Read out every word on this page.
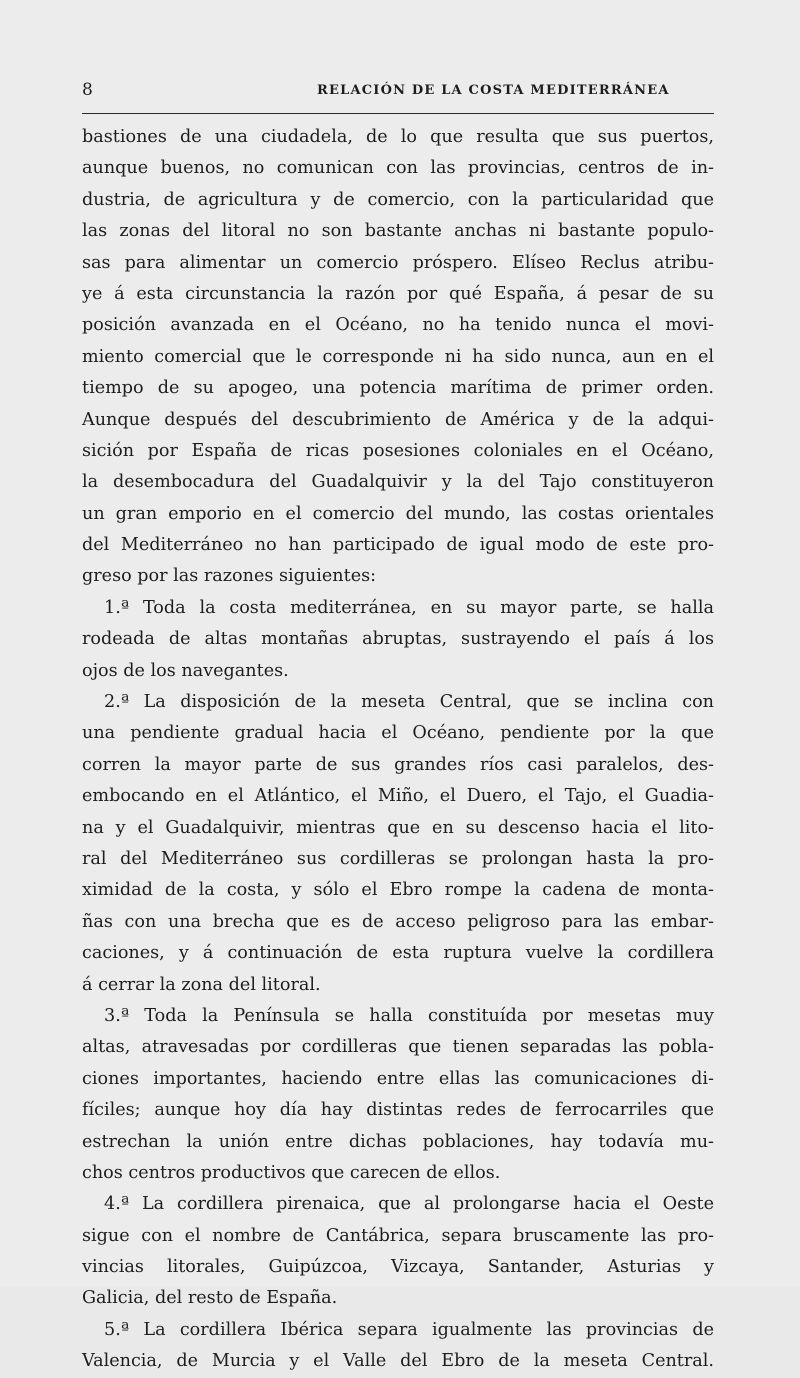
8	RELACIÓN DE LA COSTA MEDITERRÁNEA
bastiones de una ciudadela, de lo que resulta que sus puertos,
aunque buenos, no comunican con las provincias, centros de in-
dustria, de agricultura y de comercio, con la particularidad que
las zonas del litoral no son bastante anchas ni bastante populo-
sas para alimentar un comercio próspero. Elíseo Reclus atribu-
ye á esta circunstancia la razón por qué España, á pesar de su
posición avanzada en el Océano, no ha tenido nunca el movi-
miento comercial que le corresponde ni ha sido nunca, aun en el
tiempo de su apogeo, una potencia marítima de primer orden.
Aunque después del descubrimiento de América y de la adqui-
sición por España de ricas posesiones coloniales en el Océano,
la desembocadura del Guadalquivir y la del Tajo constituyeron
un gran emporio en el comercio del mundo, las costas orientales
del Mediterráneo no han participado de igual modo de este pro-
greso por las razones siguientes:
1.ª Toda la costa mediterránea, en su mayor parte, se halla
rodeada de altas montañas abruptas, sustrayendo el país á los
ojos de los navegantes.
2.ª La disposición de la meseta Central, que se inclina con
una pendiente gradual hacia el Océano, pendiente por la que
corren la mayor parte de sus grandes ríos casi paralelos, des-
embocando en el Atlántico, el Miño, el Duero, el Tajo, el Guadia-
na y el Guadalquivir, mientras que en su descenso hacia el lito-
ral del Mediterráneo sus cordilleras se prolongan hasta la pro-
ximidad de la costa, y sólo el Ebro rompe la cadena de monta-
ñas con una brecha que es de acceso peligroso para las embar-
caciones, y á continuación de esta ruptura vuelve la cordillera
á cerrar la zona del litoral.
3.ª Toda la Península se halla constituída por mesetas muy
altas, atravesadas por cordilleras que tienen separadas las pobla-
ciones importantes, haciendo entre ellas las comunicaciones di-
fíciles; aunque hoy día hay distintas redes de ferrocarriles que
estrechan la unión entre dichas poblaciones, hay todavía mu-
chos centros productivos que carecen de ellos.
4.ª La cordillera pirenaica, que al prolongarse hacia el Oeste
sigue con el nombre de Cantábrica, separa bruscamente las pro-
vincias litorales, Guipúzcoa, Vizcaya, Santander, Asturias y
Galicia, del resto de España.
5.ª La cordillera Ibérica separa igualmente las provincias de
Valencia, de Murcia y el Valle del Ebro de la meseta Central.
